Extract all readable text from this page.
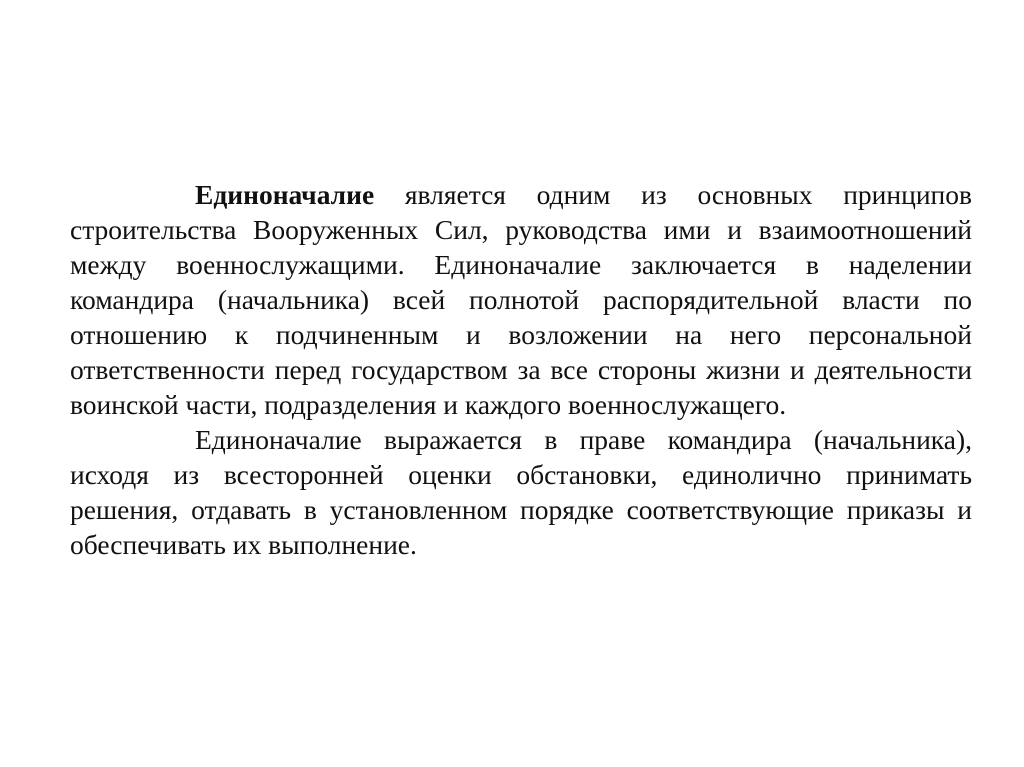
Единоначалие является одним из основных принципов строительства Вооруженных Сил, руководства ими и взаимоотношений между военнослужащими. Единоначалие заключается в наделении командира (начальника) всей полнотой распорядительной власти по отношению к подчиненным и возложении на него персональной ответственности перед государством за все стороны жизни и деятельности воинской части, подразделения и каждого военнослужащего.

Единоначалие выражается в праве командира (начальника), исходя из всесторонней оценки обстановки, единолично принимать решения, отдавать в установленном порядке соответствующие приказы и обеспечивать их выполнение.
